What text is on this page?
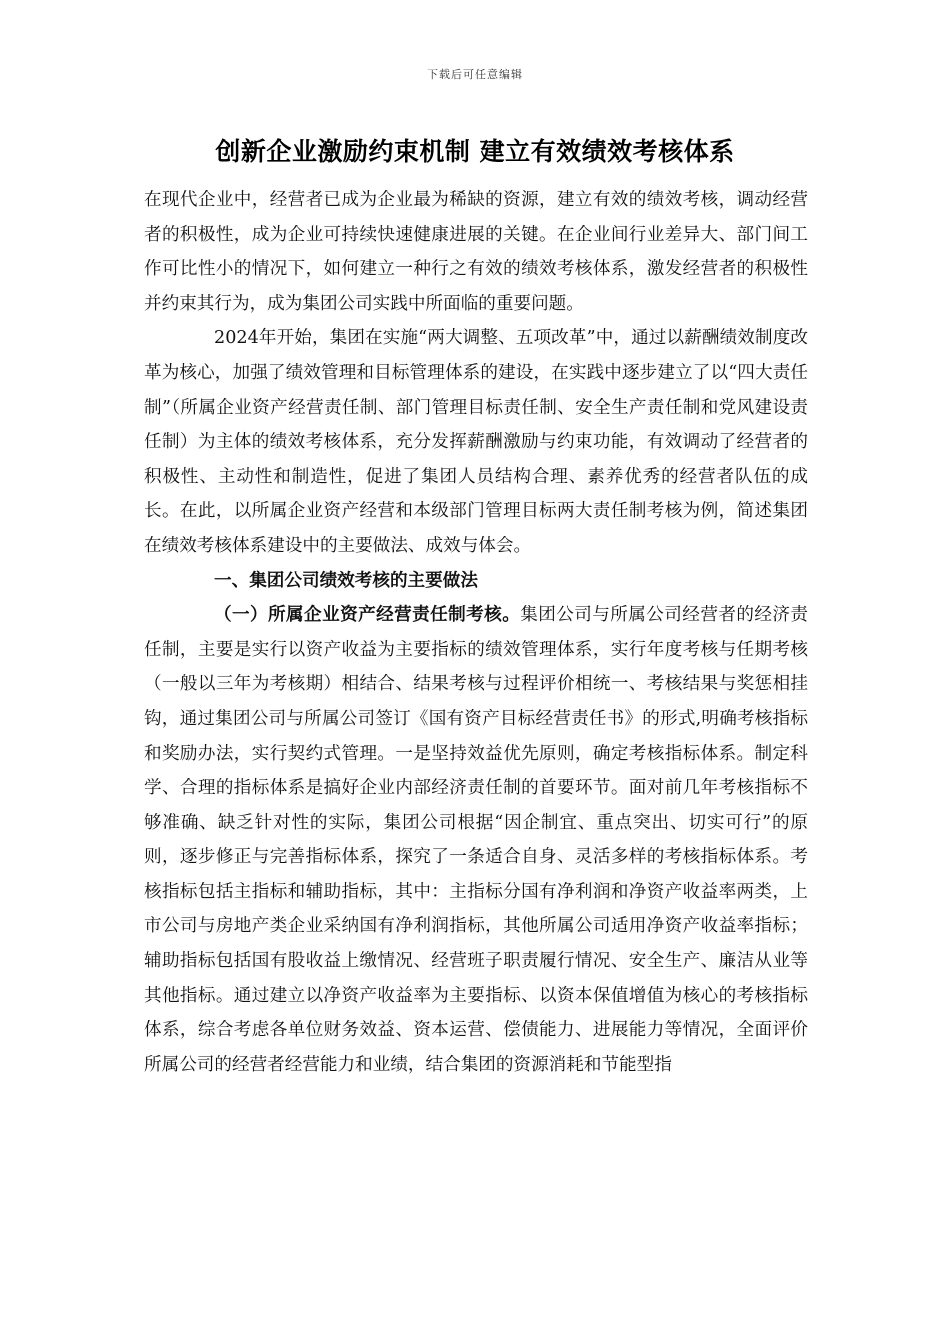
下载后可任意编辑
创新企业激励约束机制 建立有效绩效考核体系

在现代企业中，经营者已成为企业最为稀缺的资源，建立有效的绩效考核，调动经营者的积极性，成为企业可持续快速健康进展的关键。在企业间行业差异大、部门间工作可比性小的情况下，如何建立一种行之有效的绩效考核体系，激发经营者的积极性并约束其行为，成为集团公司实践中所面临的重要问题。

2024年开始，集团在实施“两大调整、五项改革”中，通过以薪酬绩效制度改革为核心，加强了绩效管理和目标管理体系的建设，在实践中逐步建立了以“四大责任制”（所属企业资产经营责任制、部门管理目标责任制、安全生产责任制和党风建设责任制）为主体的绩效考核体系，充分发挥薪酬激励与约束功能，有效调动了经营者的积极性、主动性和制造性，促进了集团人员结构合理、素养优秀的经营者队伍的成长。在此，以所属企业资产经营和本级部门管理目标两大责任制考核为例，简述集团在绩效考核体系建设中的主要做法、成效与体会。

一、集团公司绩效考核的主要做法

（一）所属企业资产经营责任制考核。集团公司与所属公司经营者的经济责任制，主要是实行以资产收益为主要指标的绩效管理体系，实行年度考核与任期考核（一般以三年为考核期）相结合、结果考核与过程评价相统一、考核结果与奖惩相挂钩，通过集团公司与所属公司签订《国有资产目标经营责任书》的形式,明确考核指标和奖励办法，实行契约式管理。一是坚持效益优先原则，确定考核指标体系。制定科学、合理的指标体系是搞好企业内部经济责任制的首要环节。面对前几年考核指标不够准确、缺乏针对性的实际，集团公司根据“因企制宜、重点突出、切实可行”的原则，逐步修正与完善指标体系，探究了一条适合自身、灵活多样的考核指标体系。考核指标包括主指标和辅助指标，其中：主指标分国有净利润和净资产收益率两类，上市公司与房地产类企业采纳国有净利润指标，其他所属公司适用净资产收益率指标；辅助指标包括国有股收益上缴情况、经营班子职责履行情况、安全生产、廉洁从业等其他指标。通过建立以净资产收益率为主要指标、以资本保值增值为核心的考核指标体系，综合考虑各单位财务效益、资本运营、偿债能力、进展能力等情况，全面评价所属公司的经营者经营能力和业绩，结合集团的资源消耗和节能型指
